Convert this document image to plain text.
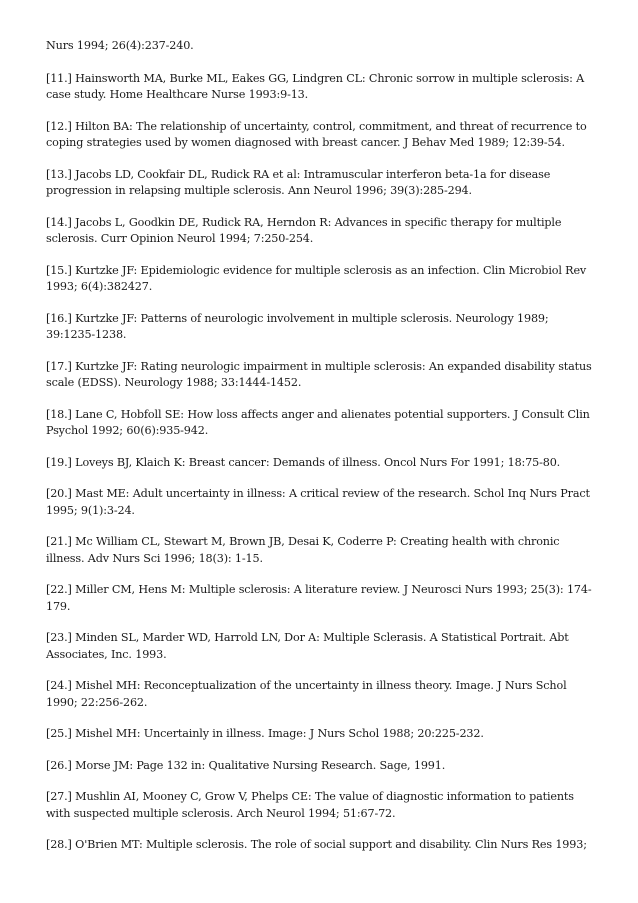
Nurs 1994; 26(4):237-240.

[11.] Hainsworth MA, Burke ML, Eakes GG, Lindgren CL: Chronic sorrow in multiple sclerosis: A case study. Home Healthcare Nurse 1993:9-13.

[12.] Hilton BA: The relationship of uncertainty, control, commitment, and threat of recurrence to coping strategies used by women diagnosed with breast cancer. J Behav Med 1989; 12:39-54.

[13.] Jacobs LD, Cookfair DL, Rudick RA et al: Intramuscular interferon beta-1a for disease progression in relapsing multiple sclerosis. Ann Neurol 1996; 39(3):285-294.

[14.] Jacobs L, Goodkin DE, Rudick RA, Herndon R: Advances in specific therapy for multiple sclerosis. Curr Opinion Neurol 1994; 7:250-254.

[15.] Kurtzke JF: Epidemiologic evidence for multiple sclerosis as an infection. Clin Microbiol Rev 1993; 6(4):382427.

[16.] Kurtzke JF: Patterns of neurologic involvement in multiple sclerosis. Neurology 1989; 39:1235-1238.

[17.] Kurtzke JF: Rating neurologic impairment in multiple sclerosis: An expanded disability status scale (EDSS). Neurology 1988; 33:1444-1452.

[18.] Lane C, Hobfoll SE: How loss affects anger and alienates potential supporters. J Consult Clin Psychol 1992; 60(6):935-942.

[19.] Loveys BJ, Klaich K: Breast cancer: Demands of illness. Oncol Nurs For 1991; 18:75-80.

[20.] Mast ME: Adult uncertainty in illness: A critical review of the research. Schol Inq Nurs Pract 1995; 9(1):3-24.

[21.] Mc William CL, Stewart M, Brown JB, Desai K, Coderre P: Creating health with chronic illness. Adv Nurs Sci 1996; 18(3): 1-15.

[22.] Miller CM, Hens M: Multiple sclerosis: A literature review. J Neurosci Nurs 1993; 25(3): 174-179.

[23.] Minden SL, Marder WD, Harrold LN, Dor A: Multiple Sclerasis. A Statistical Portrait. Abt Associates, Inc. 1993.

[24.] Mishel MH: Reconceptualization of the uncertainty in illness theory. Image. J Nurs Schol 1990; 22:256-262.

[25.] Mishel MH: Uncertainly in illness. Image: J Nurs Schol 1988; 20:225-232.

[26.] Morse JM: Page 132 in: Qualitative Nursing Research. Sage, 1991.

[27.] Mushlin AI, Mooney C, Grow V, Phelps CE: The value of diagnostic information to patients with suspected multiple sclerosis. Arch Neurol 1994; 51:67-72.

[28.] O'Brien MT: Multiple sclerosis. The role of social support and disability. Clin Nurs Res 1993;
